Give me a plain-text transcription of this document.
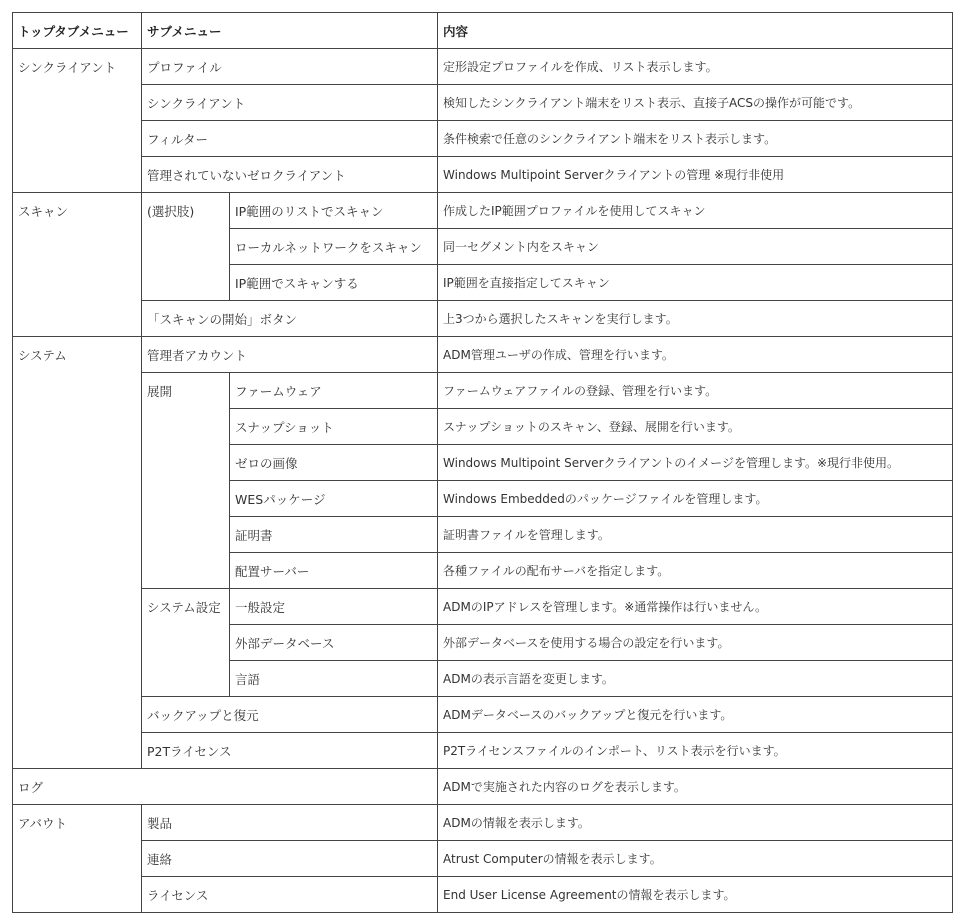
トップタブメニュー	サブメニュー		内容
シンクライアント	プロファイル		定形設定プロファイルを作成、リスト表示します。
	シンクライアント		検知したシンクライアント端末をリスト表示、直接子ACSの操作が可能です。
	フィルター		条件検索で任意のシンクライアント端末をリスト表示します。
	管理されていないゼロクライアント		Windows Multipoint Serverクライアントの管理 ※現行非使用
スキャン	(選択肢)	IP範囲のリストでスキャン	作成したIP範囲プロファイルを使用してスキャン
		ローカルネットワークをスキャン	同一セグメント内をスキャン
		IP範囲でスキャンする	IP範囲を直接指定してスキャン
	「スキャンの開始」ボタン		上3つから選択したスキャンを実行します。
システム	管理者アカウント		ADM管理ユーザの作成、管理を行います。
	展開	ファームウェア	ファームウェアファイルの登録、管理を行います。
		スナップショット	スナップショットのスキャン、登録、展開を行います。
		ゼロの画像	Windows Multipoint Serverクライアントのイメージを管理します。※現行非使用。
		WESパッケージ	Windows Embeddedのパッケージファイルを管理します。
		証明書	証明書ファイルを管理します。
		配置サーバー	各種ファイルの配布サーバを指定します。
	システム設定	一般設定	ADMのIPアドレスを管理します。※通常操作は行いません。
		外部データベース	外部データベースを使用する場合の設定を行います。
		言語	ADMの表示言語を変更します。
	バックアップと復元		ADMデータベースのバックアップと復元を行います。
	P2Tライセンス		P2Tライセンスファイルのインポート、リスト表示を行います。
ログ			ADMで実施された内容のログを表示します。
アバウト	製品		ADMの情報を表示します。
	連絡		Atrust Computerの情報を表示します。
	ライセンス		End User License Agreementの情報を表示します。
